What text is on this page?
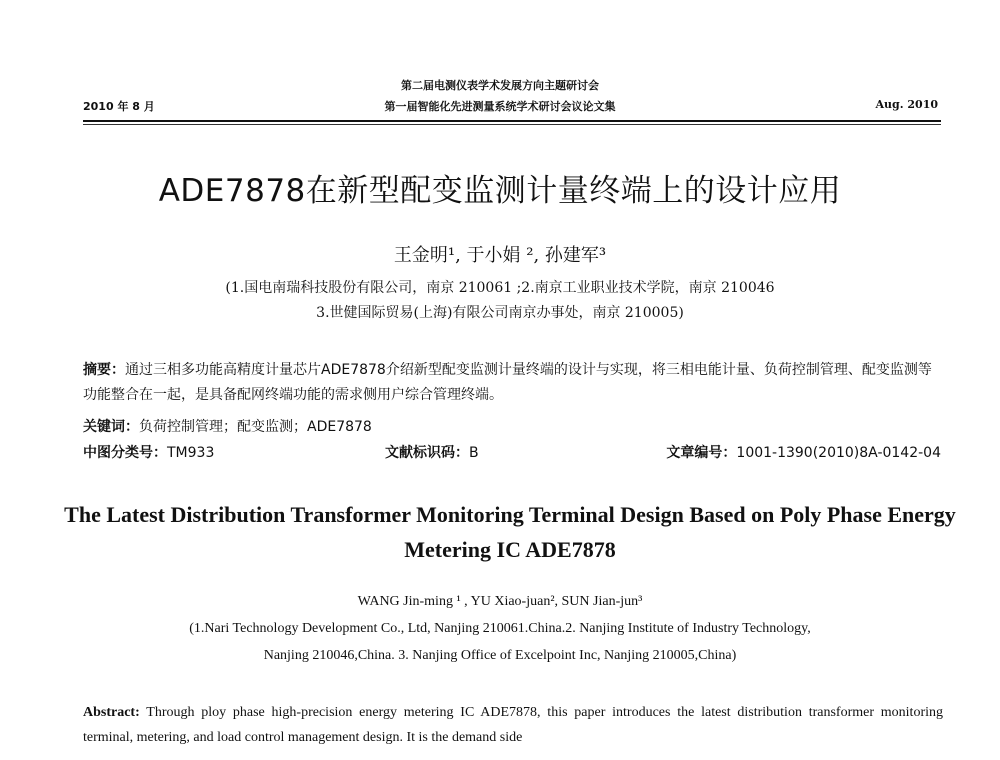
2010 年 8 月
第二届电测仪表学术发展方向主题研讨会
第一届智能化先进测量系统学术研讨会议论文集	Aug. 2010
ADE7878在新型配变监测计量终端上的设计应用
王金明¹, 于小娟 ², 孙建军³
(1.国电南瑞科技股份有限公司，南京 210061 ;2.南京工业职业技术学院，南京 210046
3.世健国际贸易(上海)有限公司南京办事处，南京 210005)
摘要：通过三相多功能高精度计量芯片ADE7878介绍新型配变监测计量终端的设计与实现，将三相电能计量、负荷控制管理、配变监测等功能整合在一起，是具备配网终端功能的需求侧用户综合管理终端。
关键词：负荷控制管理；配变监测；ADE7878
中图分类号：TM933	文献标识码：B	文章编号：1001-1390(2010)8A-0142-04
The Latest Distribution Transformer Monitoring Terminal Design Based on Poly Phase Energy Metering IC ADE7878
WANG Jin-ming ¹ , YU Xiao-juan², SUN Jian-jun³
(1.Nari Technology Development Co., Ltd, Nanjing 210061.China.2. Nanjing Institute of Industry Technology,
Nanjing 210046,China. 3. Nanjing Office of Excelpoint Inc, Nanjing 210005,China)
Abstract: Through ploy phase high-precision energy metering IC ADE7878, this paper introduces the latest distribution transformer monitoring terminal, metering, and load control management design. It is the demand side
